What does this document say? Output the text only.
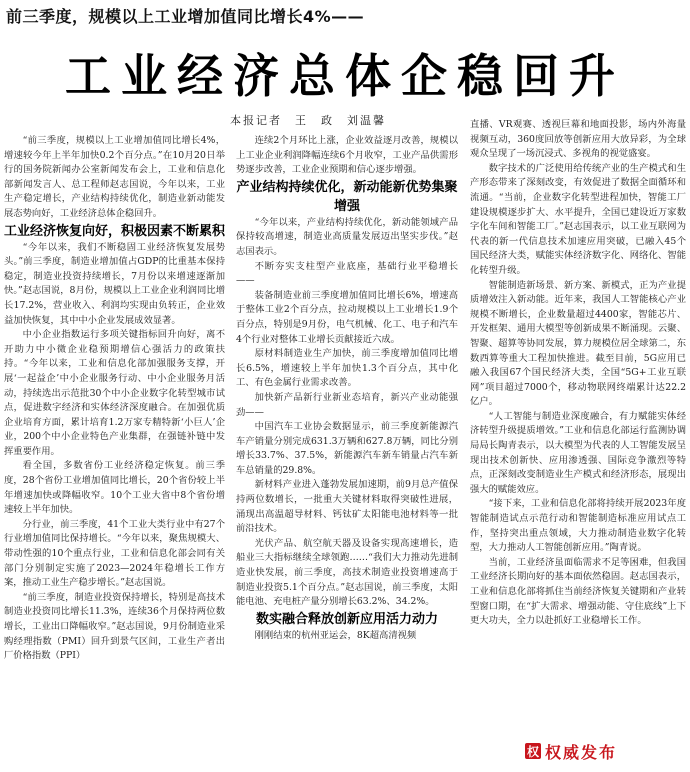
前三季度，规模以上工业增加值同比增长4%——
工业经济总体企稳回升
本报记者　王　政　刘温馨

“前三季度，规模以上工业增加值同比增长4%，增速较今年上半年加快0.2个百分点。”在10月20日举行的国务院新闻办公室新闻发布会上，工业和信息化部新闻发言人、总工程师赵志国说，今年以来，工业生产稳定增长，产业结构持续优化，制造业新动能发展态势向好，工业经济总体企稳回升。

工业经济恢复向好，积极因素不断累积

“今年以来，我们不断稳固工业经济恢复发展势头。”前三季度，制造业增加值占GDP的比重基本保持稳定，制造业投资持续增长，7月份以来增速逐渐加快。”赵志国说，8月份，规模以上工业企业利润同比增长17.2%，营业收入、利润均实现由负转正，企业效益加快恢复，其中中小企业发展成效显著。

中小企业指数运行多项关键指标回升向好，离不开助力中小微企业稳预期增信心强活力的政策扶持。“今年以来，工业和信息化部加强服务支撑，开展‘一起益企’中小企业服务行动、中小企业服务月活动，持续选出示范批30个中小企业数字化转型城市试点，促进数字经济和实体经济深度融合。在加强优质企业培育方面，累计培育1.2万家专精特新‘小巨人’企业，200个中小企业特色产业集群，在强链补链中发挥重要作用。

看全国，多数省份工业经济稳定恢复。前三季度，28个省份工业增加值同比增长，20个省份较上半年增速加快或降幅收窄。10个工业大省中8个省份增速较上半年加快。

分行业，前三季度，41个工业大类行业中有27个行业增加值同比保持增长。“今年以来，聚焦规模大、带动性强的10个重点行业，工业和信息化部会同有关部门分别制定实施了2023—2024年稳增长工作方案，推动工业生产稳步增长。”赵志国说。

“前三季度，制造业投资保持增长，特别是高技术制造业投资同比增长11.3%，连续36个月保持两位数增长，工业出口降幅收窄。”赵志国说，9月份制造业采购经理指数（PMI）回升到景气区间，工业生产者出厂价格指数（PPI）

连续2个月环比上涨，企业效益逐月改善，规模以上工业企业利润降幅连续6个月收窄，工业产品供需形势逐步改善，工业企业预期和信心逐步增强。

产业结构持续优化，新动能新优势集聚增强

“今年以来，产业结构持续优化，新动能领域产品保持较高增速，制造业高质量发展迈出坚实步伐。”赵志国表示。

不断夯实支柱型产业底座，基础行业平稳增长——

装备制造业前三季度增加值同比增长6%，增速高于整体工业2个百分点，拉动规模以上工业增长1.9个百分点，特别是9月份，电气机械、化工、电子和汽车4个行业对整体工业增长贡献接近六成。

原材料制造业生产加快，前三季度增加值同比增长6.5%，增速较上半年加快1.3个百分点，其中化工、有色金属行业需求改善。

加快新产品新行业新业态培育，新兴产业动能强劲——

中国汽车工业协会数据显示，前三季度新能源汽车产销量分别完成631.3万辆和627.8万辆，同比分别增长33.7%、37.5%，新能源汽车新车销量占汽车新车总销量的29.8%。

新材料产业进入蓬勃发展加速期，前9月总产值保持两位数增长，一批重大关键材料取得突破性进展，涌现出高温超导材料、钙钛矿太阳能电池材料等一批前沿技术。

光伏产品、航空航天器及设备实现高速增长，造船业三大指标继续全球领跑……“我们大力推动先进制造业快发展，前三季度，高技术制造业投资增速高于制造业投资5.1个百分点。”赵志国说，前三季度，太阳能电池、充电桩产量分别增长63.2%、34.2%。

数实融合释放创新应用活力动力

刚刚结束的杭州亚运会，8K超高清视频

直播、VR观赛、透视巨幕和地面投影，场内外海量视频互动，360度回放等创新应用大放异彩，为全球观众呈现了一场沉浸式、多视角的视觉盛宴。

数字技术的广泛使用给传统产业的生产模式和生产形态带来了深刻改变，有效促进了数据全面循环和流通。“当前，企业数字化转型进程加快，智能工厂建设规模逐步扩大、水平提升，全国已建设近万家数字化车间和智能工厂。”赵志国表示，以工业互联网为代表的新一代信息技术加速应用突破，已融入45个国民经济大类，赋能实体经济数字化、网络化、智能化转型升级。

智能制造新场景、新方案、新模式，正为产业提质增效注入新动能。近年来，我国人工智能核心产业规模不断增长，企业数量超过4400家，智能芯片、开发框架、通用大模型等创新成果不断涌现。云聚、智聚、超算等协同发展，算力规模位居全球第二，东数西算等重大工程加快推进。截至目前，5G应用已融入我国67个国民经济大类，全国“5G+工业互联网”项目超过7000个，移动物联网终端累计达22.2亿户。

“人工智能与制造业深度融合，有力赋能实体经济转型升级提质增效。”工业和信息化部运行监测协调局局长陶青表示，以大模型为代表的人工智能发展呈现出技术创新快、应用渗透强、国际竞争激烈等特点，正深刻改变制造业生产模式和经济形态，展现出强大的赋能效应。

“接下来，工业和信息化部将持续开展2023年度智能制造试点示范行动和智能制造标准应用试点工作，坚持突出重点领域，大力推动制造业数字化转型，大力推动人工智能创新应用。”陶青说。

当前，工业经济虽面临需求不足等困难，但我国工业经济长期向好的基本面依然稳固。赵志国表示，工业和信息化部将抓住当前经济恢复关键期和产业转型窗口期，在“扩大需求、增强动能、守住底线”上下更大功夫，全力以赴抓好工业稳增长工作。

权 权威发布
